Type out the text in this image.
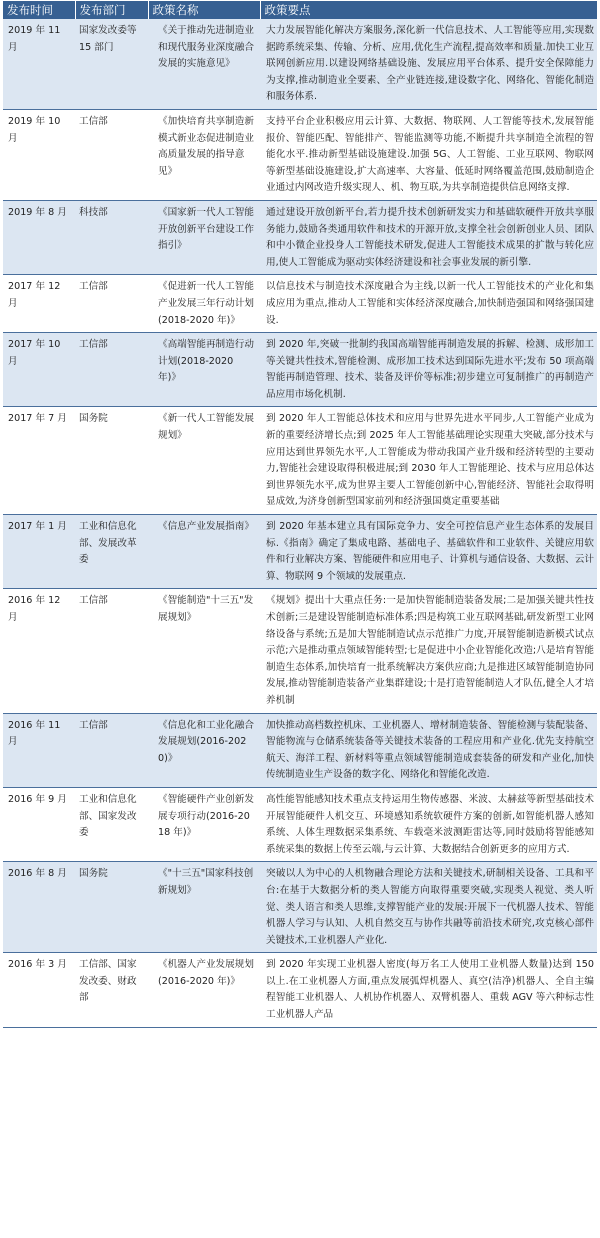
发布时间	发布部门	政策名称	政策要点
2019 年 11 月	国家发改委等 15 部门	《关于推动先进制造业和现代服务业深度融合发展的实施意见》	大力发展智能化解决方案服务,深化新一代信息技术、人工智能等应用,实现数据跨系统采集、传输、分析、应用,优化生产流程,提高效率和质量.加快工业互联网创新应用.以建设网络基础设施、发展应用平台体系、提升安全保障能力为支撑,推动制造业全要素、全产业链连接,建设数字化、网络化、智能化制造和服务体系.
2019 年 10 月	工信部	《加快培育共享制造新模式新业态促进制造业高质量发展的指导意见》	支持平台企业积极应用云计算、大数据、物联网、人工智能等技术,发展智能报价、智能匹配、智能排产、智能监测等功能,不断提升共享制造全流程的智能化水平.推动新型基础设施建设.加强 5G、人工智能、工业互联网、物联网等新型基础设施建设,扩大高速率、大容量、低延时网络覆盖范围,鼓励制造企业通过内网改造升级实现人、机、物互联,为共享制造提供信息网络支撑.
2019 年 8 月	科技部	《国家新一代人工智能开放创新平台建设工作指引》	通过建设开放创新平台,若力提升技术创新研发实力和基础软硬件开放共享服务能力,鼓励各类通用软件和技术的开源开放,支撑全社会创新创业人员、团队和中小微企业投身人工智能技术研发,促进人工智能技术成果的扩散与转化应用,使人工智能成为驱动实体经济建设和社会事业发展的新引擎.
2017 年 12 月	工信部	《促进新一代人工智能产业发展三年行动计划(2018-2020 年)》	以信息技术与制造技术深度融合为主线,以新一代人工智能技术的产业化和集成应用为重点,推动人工智能和实体经济深度融合,加快制造强国和网络强国建设.
2017 年 10 月	工信部	《高端智能再制造行动计划(2018-2020 年)》	到 2020 年,突破一批制约我国高端智能再制造发展的拆解、检测、成形加工等关键共性技术,智能检测、成形加工技术达到国际先进水平;发布 50 项高端智能再制造管理、技术、装备及评价等标准;初步建立可复制推广的再制造产品应用市场化机制.
2017 年 7 月	国务院	《新一代人工智能发展规划》	到 2020 年人工智能总体技术和应用与世界先进水平同步,人工智能产业成为新的重要经济增长点;到 2025 年人工智能基础理论实现重大突破,部分技术与应用达到世界领先水平,人工智能成为带动我国产业升级和经济转型的主要动力,智能社会建设取得积极进展;到 2030 年人工智能理论、技术与应用总体达到世界领先水平,成为世界主要人工智能创新中心,智能经济、智能社会取得明显成效,为济身创新型国家前列和经济强国奠定重要基础
2017 年 1 月	工业和信息化部、发展改革委	《信息产业发展指南》	到 2020 年基本建立具有国际竞争力、安全可控信息产业生态体系的发展目标.《指南》确定了集成电路、基础电子、基础软件和工业软件、关键应用软件和行业解决方案、智能硬件和应用电子、计算机与通信设备、大数据、云计算、物联网 9 个领域的发展重点.
2016 年 12 月	工信部	《智能制造"十三五"发展规划》	《规划》提出十大重点任务:一是加快智能制造装备发展;二是加强关键共性技术创新;三是建设智能制造标准体系;四是构筑工业互联网基础,研发新型工业网络设备与系统;五是加大智能制造试点示范推广力度,开展智能制造新模式试点示范;六是推动重点领域智能转型;七是促进中小企业智能化改造;八是培育智能制造生态体系,加快培育一批系统解决方案供应商;九是推进区域智能制造协同发展,推动智能制造装备产业集群建设;十是打造智能制造人才队伍,健全人才培养机制
2016 年 11 月	工信部	《信息化和工业化融合发展规划(2016-2020)》	加快推动高档数控机床、工业机器人、增材制造装备、智能检测与装配装备、智能物流与仓储系统装备等关键技术装备的工程应用和产业化.优先支持航空航天、海洋工程、新材料等重点领域智能制造成套装备的研发和产业化,加快传统制造业生产设备的数字化、网络化和智能化改造.
2016 年 9 月	工业和信息化部、国家发改委	《智能硬件产业创新发展专项行动(2016-2018 年)》	高性能智能感知技术重点支持运用生物传感器、米波、太赫兹等新型基础技术开展智能硬件人机交互、环境感知系统软硬件方案的创新,如智能机器人感知系统、人体生理数据采集系统、车载毫米波测距雷达等,同时鼓励将智能感知系统采集的数据上传至云端,与云计算、大数据结合创新更多的应用方式.
2016 年 8 月	国务院	《"十三五"国家科技创新规划》	突破以人为中心的人机物融合理论方法和关键技术,研制相关设备、工具和平台:在基于大数据分析的类人智能方向取得重要突破,实现类人视觉、类人听觉、类人语言和类人思维,支撑智能产业的发展:开展下一代机器人技术、智能机器人学习与认知、人机自然交互与协作共融等前沿技术研究,攻克核心部件关键技术,工业机器人产业化.
2016 年 3 月	工信部、国家发改委、财政部	《机器人产业发展规划(2016-2020 年)》	到 2020 年实现工业机器人密度(每万名工人使用工业机器人数量)达到 150 以上.在工业机器人方面,重点发展弧焊机器人、真空(洁净)机器人、全自主编程智能工业机器人、人机协作机器人、双臂机器人、重载 AGV 等六种标志性工业机器人产品
